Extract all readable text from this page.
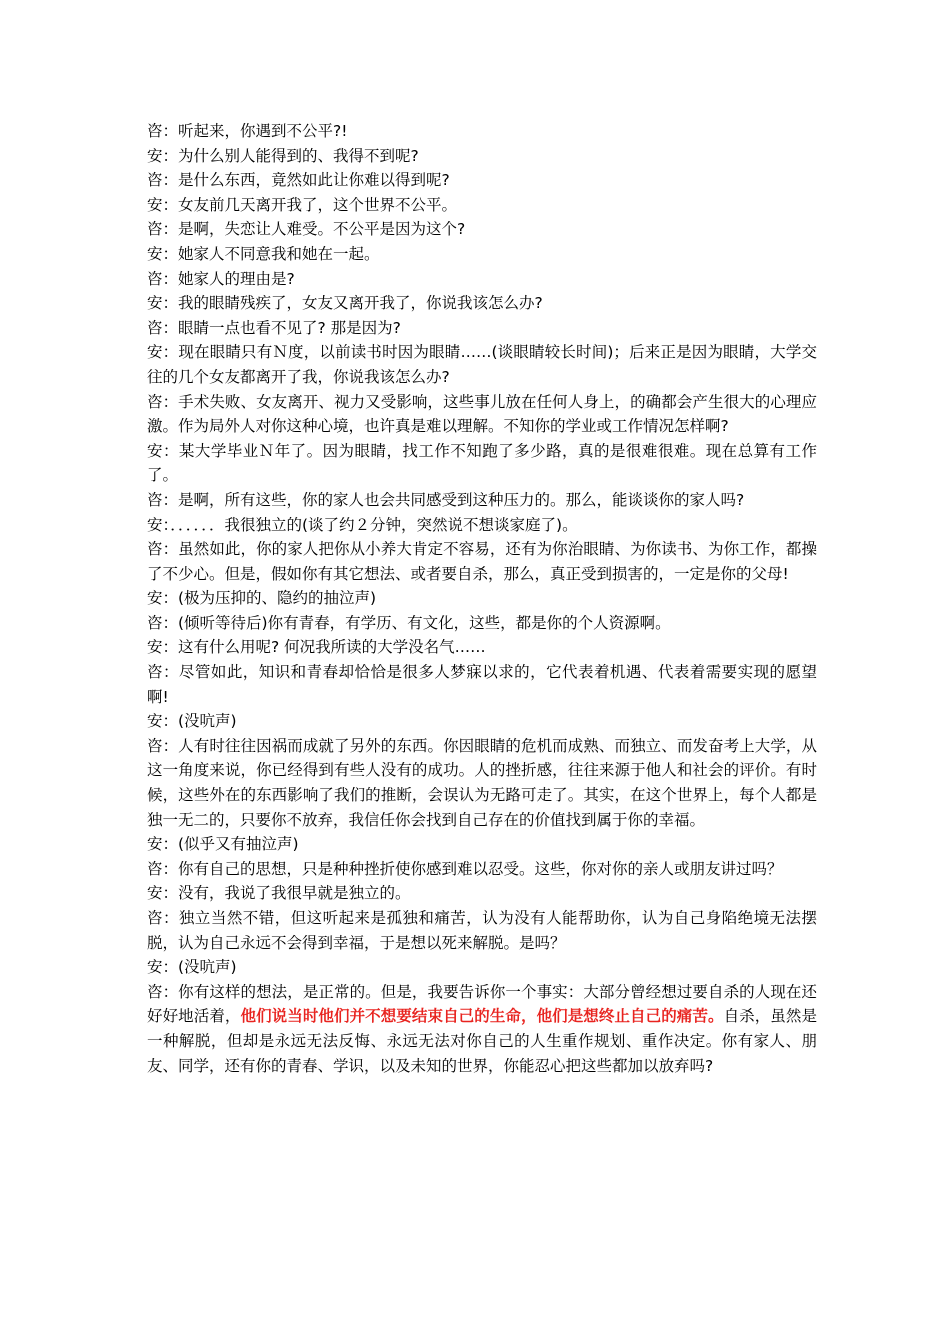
咨：听起来，你遇到不公平?!

安：为什么别人能得到的、我得不到呢?

咨：是什么东西，竟然如此让你难以得到呢?

安：女友前几天离开我了，这个世界不公平。

咨：是啊，失恋让人难受。不公平是因为这个?

安：她家人不同意我和她在一起。

咨：她家人的理由是?

安：我的眼睛残疾了，女友又离开我了，你说我该怎么办?

咨：眼睛一点也看不见了? 那是因为?

安：现在眼睛只有Ｎ度，以前读书时因为眼睛……(谈眼睛较长时间)；后来正是因为眼睛，大学交往的几个女友都离开了我，你说我该怎么办?

咨：手术失败、女友离开、视力又受影响，这些事儿放在任何人身上，的确都会产生很大的心理应激。作为局外人对你这种心境，也许真是难以理解。不知你的学业或工作情况怎样啊?

安：某大学毕业Ｎ年了。因为眼睛，找工作不知跑了多少路，真的是很难很难。现在总算有工作了。

咨：是啊，所有这些，你的家人也会共同感受到这种压力的。那么，能谈谈你的家人吗?

安：．．．．．．我很独立的(谈了约２分钟，突然说不想谈家庭了)。

咨：虽然如此，你的家人把你从小养大肯定不容易，还有为你治眼睛、为你读书、为你工作，都操了不少心。但是，假如你有其它想法、或者要自杀，那么，真正受到损害的，一定是你的父母!

安：(极为压抑的、隐约的抽泣声)

咨：(倾听等待后)你有青春，有学历、有文化，这些，都是你的个人资源啊。

安：这有什么用呢? 何况我所读的大学没名气……

咨：尽管如此，知识和青春却恰恰是很多人梦寐以求的，它代表着机遇、代表着需要实现的愿望啊!

安：(没吭声)

咨：人有时往往因祸而成就了另外的东西。你因眼睛的危机而成熟、而独立、而发奋考上大学，从这一角度来说，你已经得到有些人没有的成功。人的挫折感，往往来源于他人和社会的评价。有时候，这些外在的东西影响了我们的推断，会误认为无路可走了。其实，在这个世界上，每个人都是独一无二的，只要你不放弃，我信任你会找到自己存在的价值找到属于你的幸福。

安：(似乎又有抽泣声)

咨：你有自己的思想，只是种种挫折使你感到难以忍受。这些，你对你的亲人或朋友讲过吗？

安：没有，我说了我很早就是独立的。

咨：独立当然不错，但这听起来是孤独和痛苦，认为没有人能帮助你，认为自己身陷绝境无法摆脱，认为自己永远不会得到幸福，于是想以死来解脱。是吗？

安：(没吭声)

咨：你有这样的想法，是正常的。但是，我要告诉你一个事实：大部分曾经想过要自杀的人现在还好好地活着，他们说当时他们并不想要结束自己的生命，他们是想终止自己的痛苦。自杀，虽然是一种解脱，但却是永远无法反悔、永远无法对你自己的人生重作规划、重作决定。你有家人、朋友、同学，还有你的青春、学识，以及未知的世界，你能忍心把这些都加以放弃吗?
